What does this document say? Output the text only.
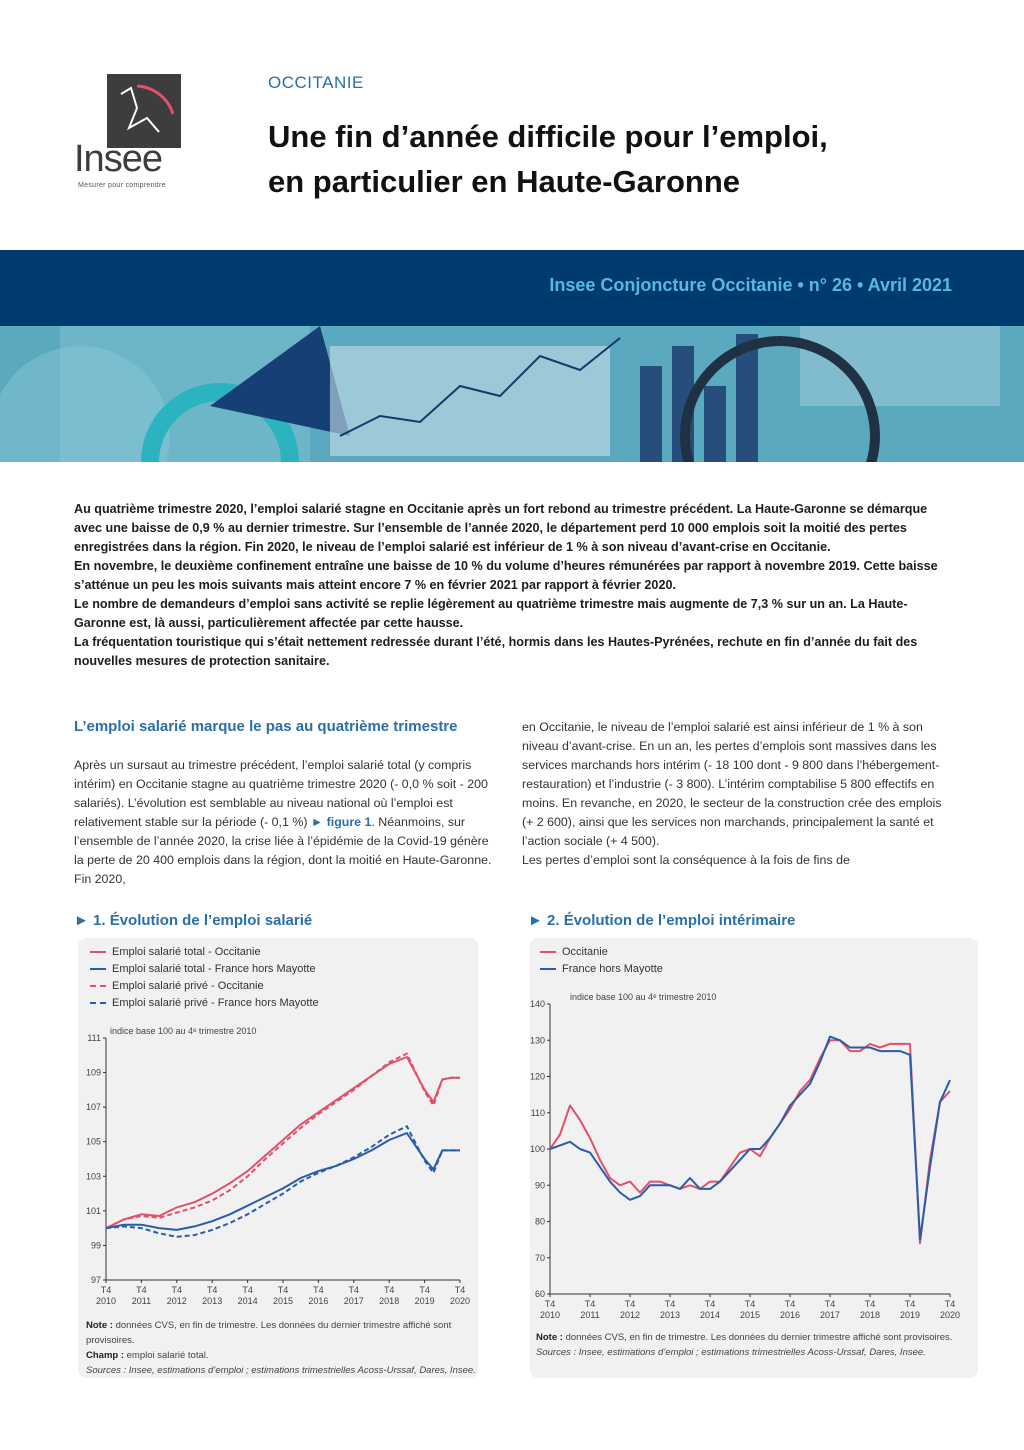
Insee
Mesurer pour comprendre
OCCITANIE
Une fin d’année difficile pour l’emploi,
en particulier en Haute-Garonne
Insee Conjoncture Occitanie • n° 26 • Avril 2021

Au quatrième trimestre 2020, l’emploi salarié stagne en Occitanie après un fort rebond au trimestre précédent. La Haute-Garonne se démarque avec une baisse de 0,9 % au dernier trimestre. Sur l’ensemble de l’année 2020, le département perd 10 000 emplois soit la moitié des pertes enregistrées dans la région. Fin 2020, le niveau de l’emploi salarié est inférieur de 1 % à son niveau d’avant-crise en Occitanie.

En novembre, le deuxième confinement entraîne une baisse de 10 % du volume d’heures rémunérées par rapport à novembre 2019. Cette baisse s’atténue un peu les mois suivants mais atteint encore 7 % en février 2021 par rapport à février 2020.

Le nombre de demandeurs d’emploi sans activité se replie légèrement au quatrième trimestre mais augmente de 7,3 % sur un an. La Haute-Garonne est, là aussi, particulièrement affectée par cette hausse.

La fréquentation touristique qui s’était nettement redressée durant l’été, hormis dans les Hautes-Pyrénées, rechute en fin d’année du fait des nouvelles mesures de protection sanitaire.

L’emploi salarié marque le pas au quatrième trimestre

Après un sursaut au trimestre précédent, l’emploi salarié total (y compris intérim) en Occitanie stagne au quatrième trimestre 2020 (- 0,0 % soit - 200 salariés). L’évolution est semblable au niveau national où l’emploi est relativement stable sur la période (- 0,1 %) ► figure 1. Néanmoins, sur l’ensemble de l’année 2020, la crise liée à l’épidémie de la Covid-19 génère la perte de 20 400 emplois dans la région, dont la moitié en Haute-Garonne. Fin 2020,

en Occitanie, le niveau de l’emploi salarié est ainsi inférieur de 1 % à son niveau d’avant-crise. En un an, les pertes d’emplois sont massives dans les services marchands hors intérim (- 18 100 dont - 9 800 dans l’hébergement-restauration) et l’industrie (- 3 800). L’intérim comptabilise 5 800 effectifs en moins. En revanche, en 2020, le secteur de la construction crée des emplois (+ 2 600), ainsi que les services non marchands, principalement la santé et l’action sociale (+ 4 500).

Les pertes d’emploi sont la conséquence à la fois de fins de

► 1. Évolution de l’emploi salarié
Emploi salarié total - Occitanie
Emploi salarié total - France hors Mayotte
Emploi salarié privé - Occitanie
Emploi salarié privé - France hors Mayotte
indice base 100 au 4ᵉ trimestre 2010
97
99
101
103
105
107
109
111
T4
2010
T4
2011
T4
2012
T4
2013
T4
2014
T4
2015
T4
2016
T4
2017
T4
2018
T4
2019
T4
2020
Note : données CVS, en fin de trimestre. Les données du dernier trimestre affiché sont provisoires.
Champ : emploi salarié total.
Sources : Insee, estimations d’emploi ; estimations trimestrielles Acoss-Urssaf, Dares, Insee.
► 2. Évolution de l’emploi intérimaire
Occitanie
France hors Mayotte
indice base 100 au 4ᵉ trimestre 2010
60
70
80
90
100
110
120
130
140
T4
2010
T4
2011
T4
2012
T4
2013
T4
2014
T4
2015
T4
2016
T4
2017
T4
2018
T4
2019
T4
2020
Note : données CVS, en fin de trimestre. Les données du dernier trimestre affiché sont provisoires.
Sources : Insee, estimations d’emploi ; estimations trimestrielles Acoss-Urssaf, Dares, Insee.
